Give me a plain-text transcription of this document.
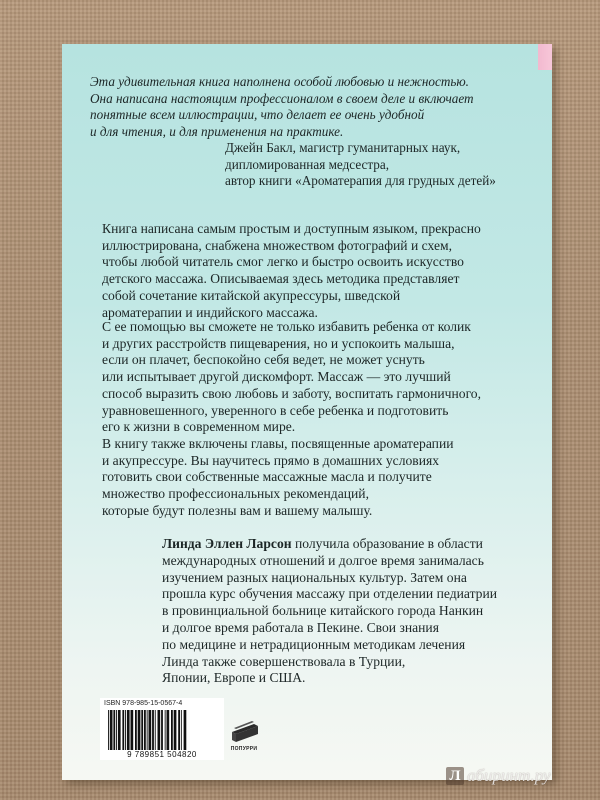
Эта удивительная книга наполнена особой любовью и нежностью.
Она написана настоящим профессионалом в своем деле и включает
понятные всем иллюстрации, что делает ее очень удобной
и для чтения, и для применения на практике.
Джейн Бакл, магистр гуманитарных наук,
дипломированная медсестра,
автор книги «Ароматерапия для грудных детей»
Книга написана самым простым и доступным языком, прекрасно
иллюстрирована, снабжена множеством фотографий и схем,
чтобы любой читатель смог легко и быстро освоить искусство
детского массажа. Описываемая здесь методика представляет
собой сочетание китайской акупрессуры, шведской
ароматерапии и индийского массажа.
С ее помощью вы сможете не только избавить ребенка от колик
и других расстройств пищеварения, но и успокоить малыша,
если он плачет, беспокойно себя ведет, не может уснуть
или испытывает другой дискомфорт. Массаж — это лучший
способ выразить свою любовь и заботу, воспитать гармоничного,
уравновешенного, уверенного в себе ребенка и подготовить
его к жизни в современном мире.
В книгу также включены главы, посвященные ароматерапии
и акупрессуре. Вы научитесь прямо в домашних условиях
готовить свои собственные массажные масла и получите
множество профессиональных рекомендаций,
которые будут полезны вам и вашему малышу.
Линда Эллен Ларсон получила образование в области
международных отношений и долгое время занималась
изучением разных национальных культур. Затем она
прошла курс обучения массажу при отделении педиатрии
в провинциальной больнице китайского города Нанкин
и долгое время работала в Пекине. Свои знания
по медицине и нетрадиционным методикам лечения
Линда также совершенствовала в Турции,
Японии, Европе и США.
ISBN 978-985-15-0567-4
9 789851 504820
ПОПУРРИ
Л абиринт.ру
